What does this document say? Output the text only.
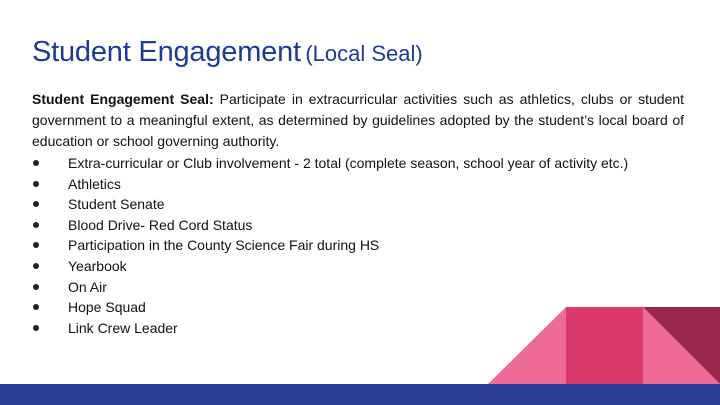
Student Engagement (Local Seal)
Student Engagement Seal: Participate in extracurricular activities such as athletics, clubs or student government to a meaningful extent, as determined by guidelines adopted by the student’s local board of education or school governing authority.
Extra-curricular or Club involvement - 2 total (complete season, school year of activity etc.)
Athletics
Student Senate
Blood Drive- Red Cord Status
Participation in the County Science Fair during HS
Yearbook
On Air
Hope Squad
Link Crew Leader
